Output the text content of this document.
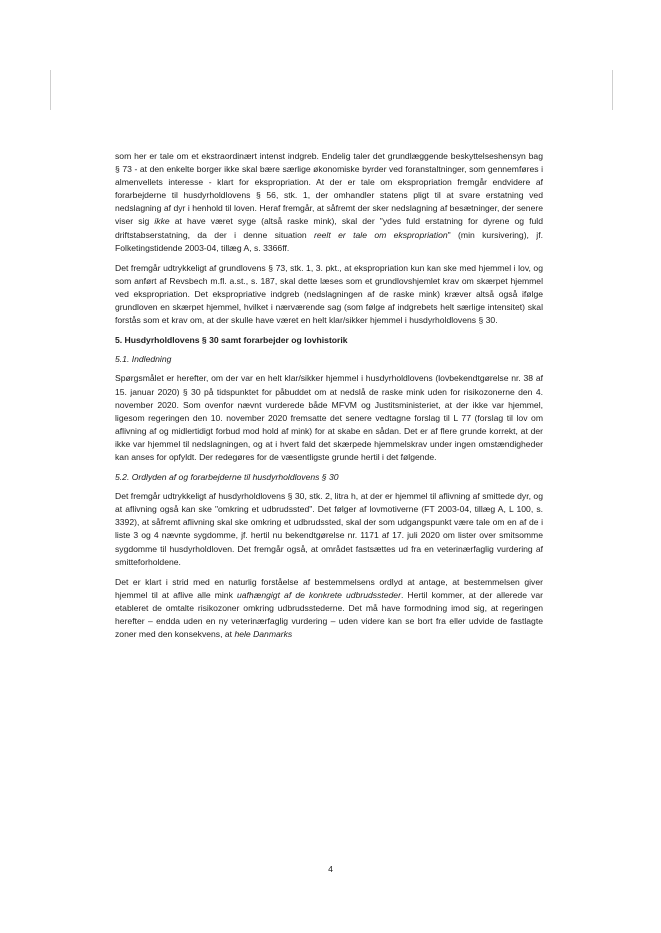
som her er tale om et ekstraordinært intenst indgreb. Endelig taler det grundlæggende beskyttelseshensyn bag § 73 - at den enkelte borger ikke skal bære særlige økonomiske byrder ved foranstaltninger, som gennemføres i almenvellets interesse - klart for ekspropriation. At der er tale om ekspropriation fremgår endvidere af forarbejderne til husdyrholdlovens § 56, stk. 1, der omhandler statens pligt til at svare erstatning ved nedslagning af dyr i henhold til loven. Heraf fremgår, at såfremt der sker nedslagning af besætninger, der senere viser sig ikke at have været syge (altså raske mink), skal der "ydes fuld erstatning for dyrene og fuld driftstabserstatning, da der i denne situation reelt er tale om ekspropriation" (min kursivering), jf. Folketingstidende 2003-04, tillæg A, s. 3366ff.

Det fremgår udtrykkeligt af grundlovens § 73, stk. 1, 3. pkt., at ekspropriation kun kan ske med hjemmel i lov, og som anført af Revsbech m.fl. a.st., s. 187, skal dette læses som et grundlovshjemlet krav om skærpet hjemmel ved ekspropriation. Det ekspropriative indgreb (nedslagningen af de raske mink) kræver altså også ifølge grundloven en skærpet hjemmel, hvilket i nærværende sag (som følge af indgrebets helt særlige intensitet) skal forstås som et krav om, at der skulle have været en helt klar/sikker hjemmel i husdyrholdlovens § 30.

5. Husdyrholdlovens § 30 samt forarbejder og lovhistorik
5.1. Indledning

Spørgsmålet er herefter, om der var en helt klar/sikker hjemmel i husdyrholdlovens (lovbekendtgørelse nr. 38 af 15. januar 2020) § 30 på tidspunktet for påbuddet om at nedslå de raske mink uden for risikozonerne den 4. november 2020. Som ovenfor nævnt vurderede både MFVM og Justitsministeriet, at der ikke var hjemmel, ligesom regeringen den 10. november 2020 fremsatte det senere vedtagne forslag til L 77 (forslag til lov om aflivning af og midlertidigt forbud mod hold af mink) for at skabe en sådan. Det er af flere grunde korrekt, at der ikke var hjemmel til nedslagningen, og at i hvert fald det skærpede hjemmelskrav under ingen omstændigheder kan anses for opfyldt. Der redegøres for de væsentligste grunde hertil i det følgende.

5.2. Ordlyden af og forarbejderne til husdyrholdlovens § 30

Det fremgår udtrykkeligt af husdyrholdlovens § 30, stk. 2, litra h, at der er hjemmel til aflivning af smittede dyr, og at aflivning også kan ske "omkring et udbrudssted". Det følger af lovmotiverne (FT 2003-04, tillæg A, L 100, s. 3392), at såfremt aflivning skal ske omkring et udbrudssted, skal der som udgangspunkt være tale om en af de i liste 3 og 4 nævnte sygdomme, jf. hertil nu bekendtgørelse nr. 1171 af 17. juli 2020 om lister over smitsomme sygdomme til husdyrholdloven. Det fremgår også, at området fastsættes ud fra en veterinærfaglig vurdering af smitteforholdene.

Det er klart i strid med en naturlig forståelse af bestemmelsens ordlyd at antage, at bestemmelsen giver hjemmel til at aflive alle mink uafhængigt af de konkrete udbrudssteder. Hertil kommer, at der allerede var etableret de omtalte risikozoner omkring udbrudsstederne. Det må have formodning imod sig, at regeringen herefter – endda uden en ny veterinærfaglig vurdering – uden videre kan se bort fra eller udvide de fastlagte zoner med den konsekvens, at hele Danmarks

4
